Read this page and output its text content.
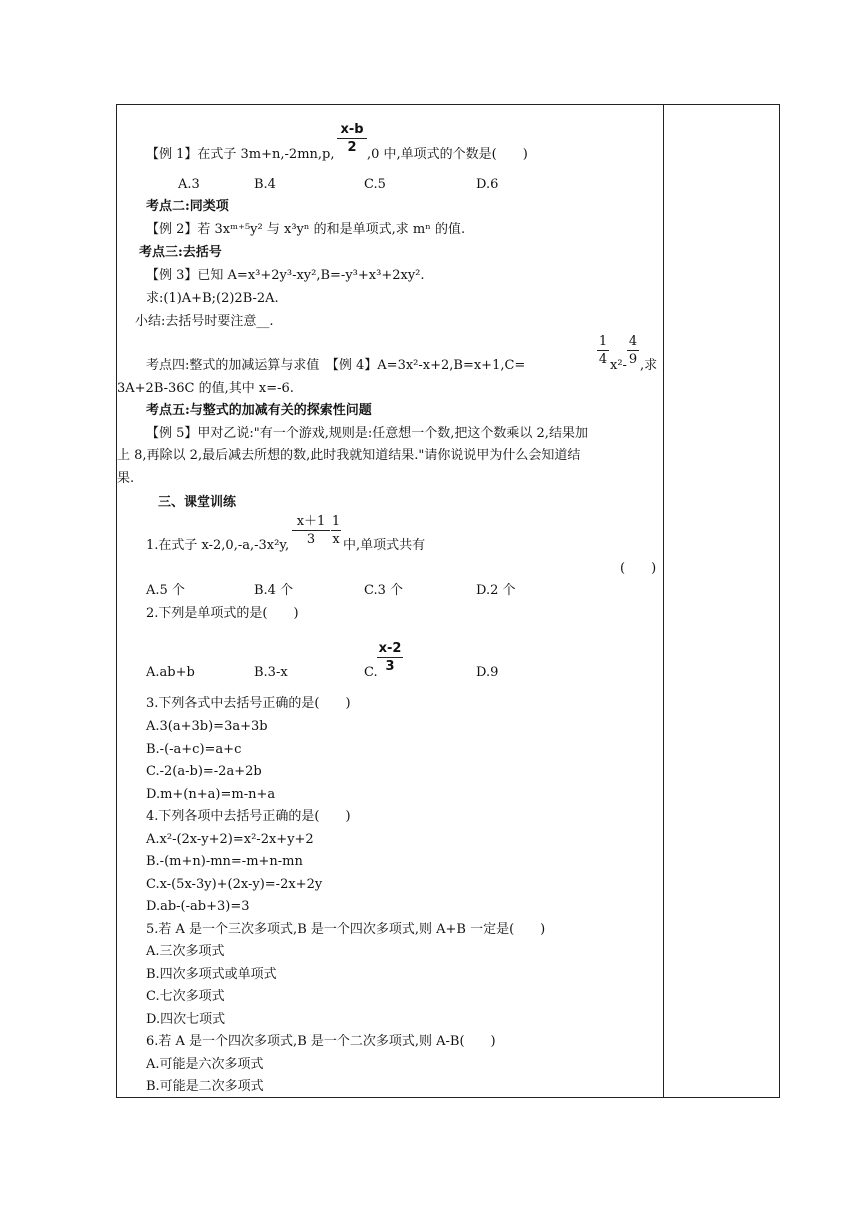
x-b
2
【例 1】在式子 3m+n,-2mn,p,	,0 中,单项式的个数是(　　)
A.3	B.4	C.5	D.6
考点二:同类项
【例 2】若 3xᵐ⁺⁵y² 与 x³yⁿ 的和是单项式,求 mⁿ 的值.
考点三:去括号
【例 3】已知 A=x³+2y³-xy²,B=-y³+x³+2xy².
求:(1)A+B;(2)2B-2A.
小结:去括号时要注意__.
考点四:整式的加减运算与求值　【例 4】A=3x²-x+2,B=x+1,C=
1
4 x²-
4
9 ,求
3A+2B-36C 的值,其中 x=-6.
考点五:与整式的加减有关的探索性问题
【例 5】甲对乙说:"有一个游戏,规则是:任意想一个数,把这个数乘以 2,结果加
上 8,再除以 2,最后减去所想的数,此时我就知道结果."请你说说甲为什么会知道结
果.
三、课堂训练
x＋1
3
1
x
1.在式子 x-2,0,-a,-3x²y,	中,单项式共有
(　　)
A.5 个	B.4 个	C.3 个	D.2 个
2.下列是单项式的是(　　)
A.ab+b	B.3-x	C.
x-2
3	D.9
3.下列各式中去括号正确的是(　　)
A.3(a+3b)=3a+3b
B.-(-a+c)=a+c
C.-2(a-b)=-2a+2b
D.m+(n+a)=m-n+a
4.下列各项中去括号正确的是(　　)
A.x²-(2x-y+2)=x²-2x+y+2
B.-(m+n)-mn=-m+n-mn
C.x-(5x-3y)+(2x-y)=-2x+2y
D.ab-(-ab+3)=3
5.若 A 是一个三次多项式,B 是一个四次多项式,则 A+B 一定是(　　)
A.三次多项式
B.四次多项式或单项式
C.七次多项式
D.四次七项式
6.若 A 是一个四次多项式,B 是一个二次多项式,则 A-B(　　)
A.可能是六次多项式
B.可能是二次多项式
